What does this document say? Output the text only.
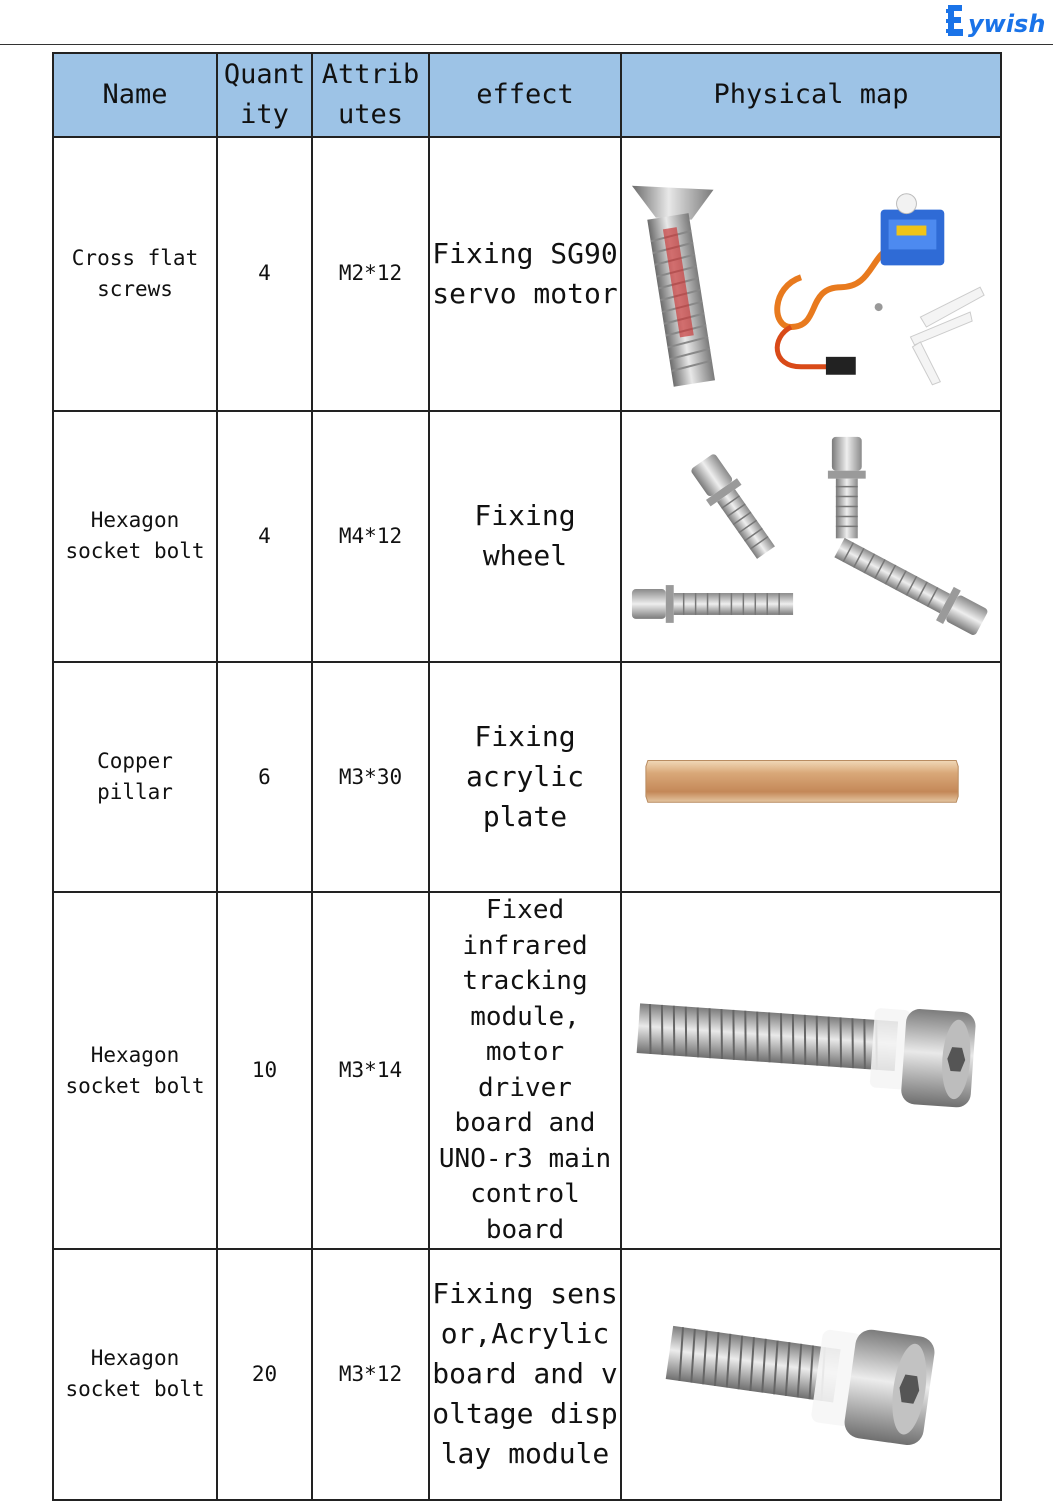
ywish
Name	Quantity	Attributes	effect	Physical map
Cross flat screws	4	M2*12	Fixing SG90 servo motor

Hexagon socket bolt	4	M4*12	Fixing wheel

Copper pillar	6	M3*30	Fixing acrylic plate

Hexagon socket bolt	10	M3*14	Fixed infrared tracking module, motor driver board and UNO-r3 main control board

Hexagon socket bolt	20	M3*12	Fixing sensor,Acrylic board and voltage display module
